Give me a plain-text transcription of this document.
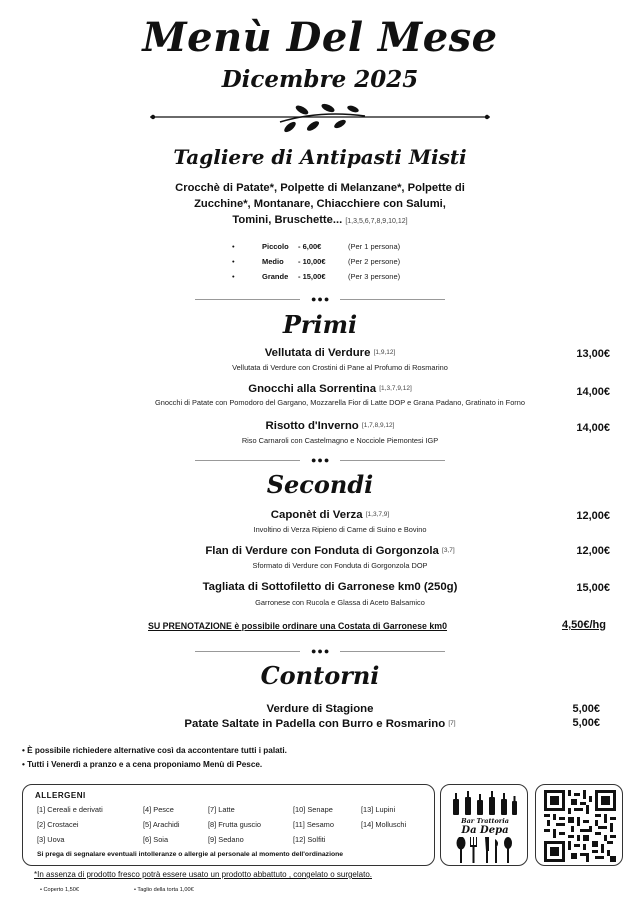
Menù Del Mese
Dicembre 2025
Tagliere di Antipasti Misti
Crocchè di Patate*, Polpette di Melanzane*, Polpette di
Zucchine*, Montanare, Chiacchiere con Salumi,
Tomini, Bruschette... [1,3,5,6,7,8,9,10,12]
•	Piccolo - 6,00€	(Per 1 persona)
•	Medio - 10,00€	(Per 2 persone)
•	Grande - 15,00€	(Per 3 persone)
●●●
Primi
Vellutata di Verdure [1,9,12]
Vellutata di Verdure con Crostini di Pane al Profumo di Rosmarino
13,00€
Gnocchi alla Sorrentina [1,3,7,9,12]
Gnocchi di Patate con Pomodoro del Gargano, Mozzarella Fior di Latte DOP e Grana Padano, Gratinato in Forno
14,00€
Risotto d'Inverno [1,7,8,9,12]
Riso Carnaroli con Castelmagno e Nocciole Piemontesi IGP
14,00€
●●●
Secondi
Caponèt di Verza [1,3,7,9]
Involtino di Verza Ripieno di Carne di Suino e Bovino
12,00€
Flan di Verdure con Fonduta di Gorgonzola [3,7]
Sformato di Verdure con Fonduta di Gorgonzola DOP
12,00€
Tagliata di Sottofiletto di Garronese km0 (250g)
Garronese con Rucola e Glassa di Aceto Balsamico
15,00€
SU PRENOTAZIONE è possibile ordinare una Costata di Garronese km0	4,50€/hg
●●●
Contorni
Verdure di Stagione	5,00€
Patate Saltate in Padella con Burro e Rosmarino [7]	5,00€
• È possibile richiedere alternative così da accontentare tutti i palati.
• Tutti i Venerdì a pranzo e a cena proponiamo Menù di Pesce.
ALLERGENI
[1] Cereali e derivati	[4] Pesce	[7] Latte	[10] Senape	[13] Lupini
[2] Crostacei	[5] Arachidi	[8] Frutta guscio	[11] Sesamo	[14] Molluschi
[3] Uova	[6] Soia	[9] Sedano	[12] Solfiti
Si prega di segnalare eventuali intolleranze o allergie al personale al momento dell'ordinazione
Bar Trattoria
Da Depa
*In assenza di prodotto fresco potrà essere usato un prodotto abbattuto , congelato o surgelato.
• Coperto 1,50€	• Taglio della torta 1,00€
